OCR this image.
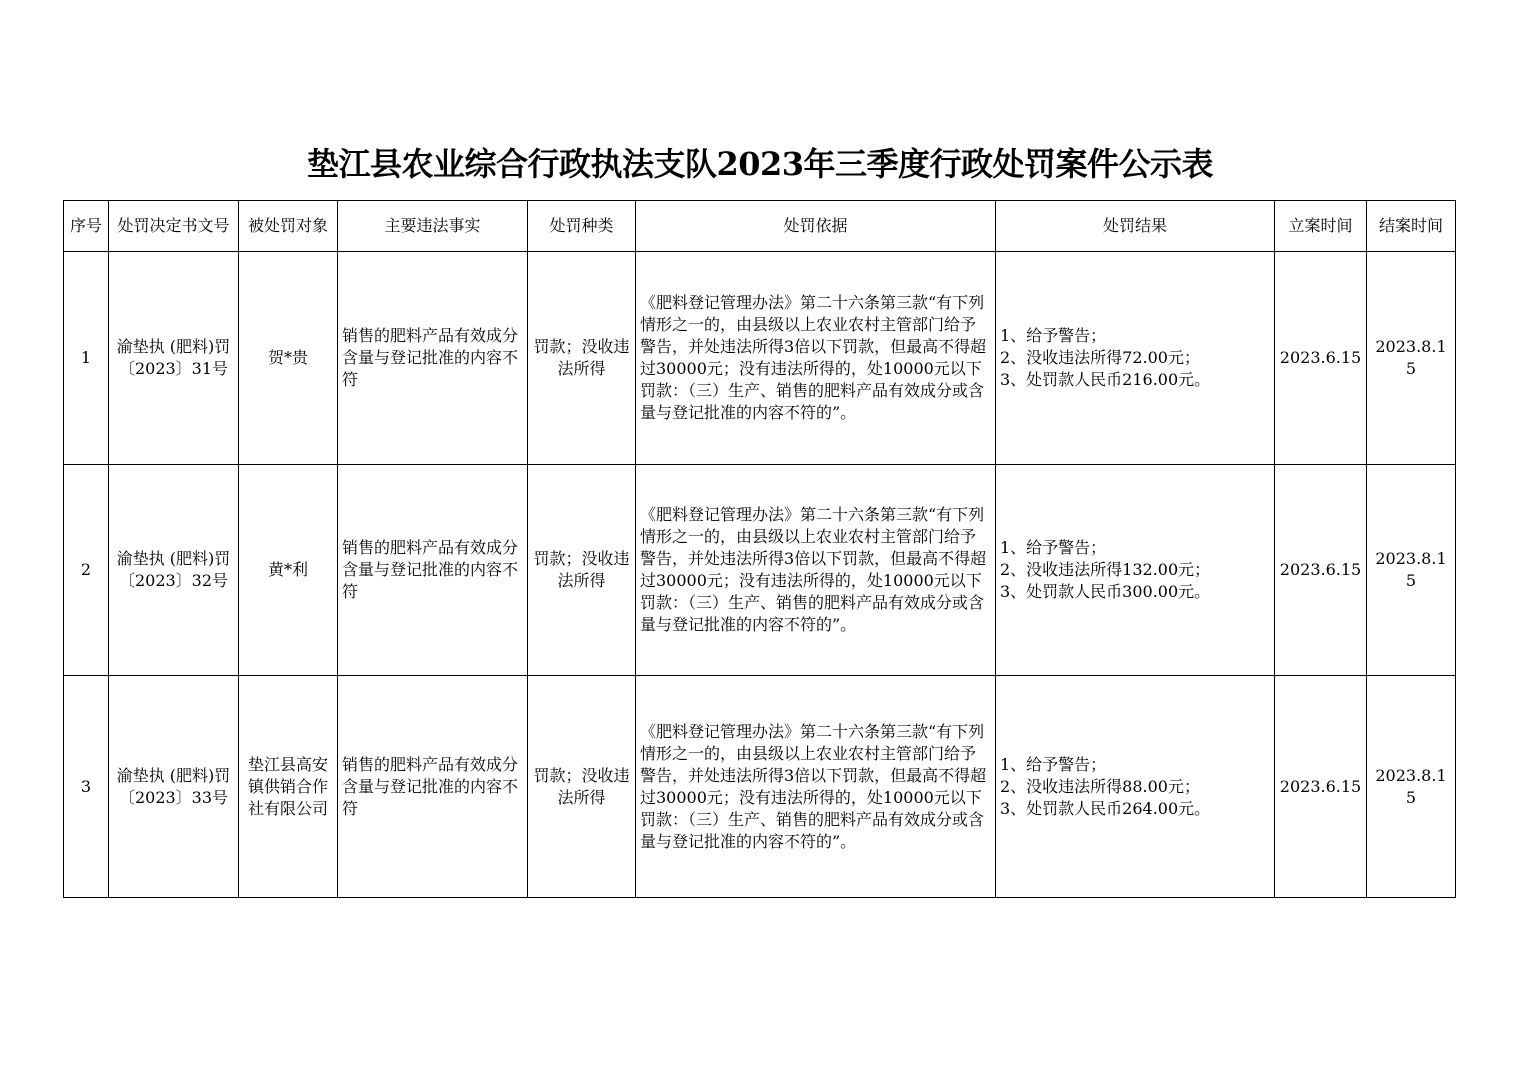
垫江县农业综合行政执法支队2023年三季度行政处罚案件公示表
序号	处罚决定书文号	被处罚对象	主要违法事实	处罚种类	处罚依据	处罚结果	立案时间	结案时间
1	渝垫执 (肥料)罚〔2023〕31号	贺*贵	销售的肥料产品有效成分含量与登记批准的内容不符	罚款；没收违法所得	《肥料登记管理办法》第二十六条第三款“有下列情形之一的，由县级以上农业农村主管部门给予警告，并处违法所得3倍以下罚款，但最高不得超过30000元；没有违法所得的，处10000元以下罚款：（三）生产、销售的肥料产品有效成分或含量与登记批准的内容不符的”。	1、给予警告；
2、没收违法所得72.00元；
3、处罚款人民币216.00元。	2023.6.15	2023.8.15
2	渝垫执 (肥料)罚〔2023〕32号	黄*利	销售的肥料产品有效成分含量与登记批准的内容不符	罚款；没收违法所得	《肥料登记管理办法》第二十六条第三款“有下列情形之一的，由县级以上农业农村主管部门给予警告，并处违法所得3倍以下罚款，但最高不得超过30000元；没有违法所得的，处10000元以下罚款：（三）生产、销售的肥料产品有效成分或含量与登记批准的内容不符的”。	1、给予警告；
2、没收违法所得132.00元；
3、处罚款人民币300.00元。	2023.6.15	2023.8.15
3	渝垫执 (肥料)罚〔2023〕33号	垫江县高安镇供销合作社有限公司	销售的肥料产品有效成分含量与登记批准的内容不符	罚款；没收违法所得	《肥料登记管理办法》第二十六条第三款“有下列情形之一的，由县级以上农业农村主管部门给予警告，并处违法所得3倍以下罚款，但最高不得超过30000元；没有违法所得的，处10000元以下罚款：（三）生产、销售的肥料产品有效成分或含量与登记批准的内容不符的”。	1、给予警告；
2、没收违法所得88.00元；
3、处罚款人民币264.00元。	2023.6.15	2023.8.15
